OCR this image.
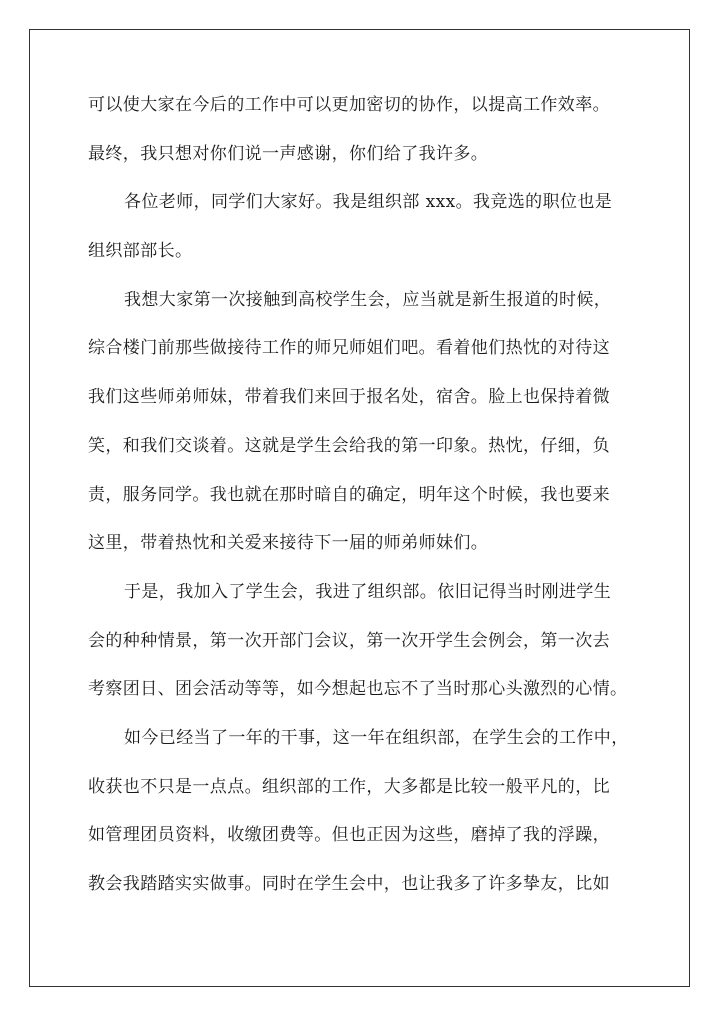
可以使大家在今后的工作中可以更加密切的协作，以提高工作效率。
最终，我只想对你们说一声感谢，你们给了我许多。
各位老师，同学们大家好。我是组织部 xxx。我竞选的职位也是
组织部部长。
我想大家第一次接触到高校学生会，应当就是新生报道的时候，
综合楼门前那些做接待工作的师兄师姐们吧。看着他们热忱的对待这
我们这些师弟师妹，带着我们来回于报名处，宿舍。脸上也保持着微
笑，和我们交谈着。这就是学生会给我的第一印象。热忱，仔细，负
责，服务同学。我也就在那时暗自的确定，明年这个时候，我也要来
这里，带着热忱和关爱来接待下一届的师弟师妹们。
于是，我加入了学生会，我进了组织部。依旧记得当时刚进学生
会的种种情景，第一次开部门会议，第一次开学生会例会，第一次去
考察团日、团会活动等等，如今想起也忘不了当时那心头激烈的心情。
如今已经当了一年的干事，这一年在组织部，在学生会的工作中，
收获也不只是一点点。组织部的工作，大多都是比较一般平凡的，比
如管理团员资料，收缴团费等。但也正因为这些，磨掉了我的浮躁，
教会我踏踏实实做事。同时在学生会中，也让我多了许多挚友，比如
